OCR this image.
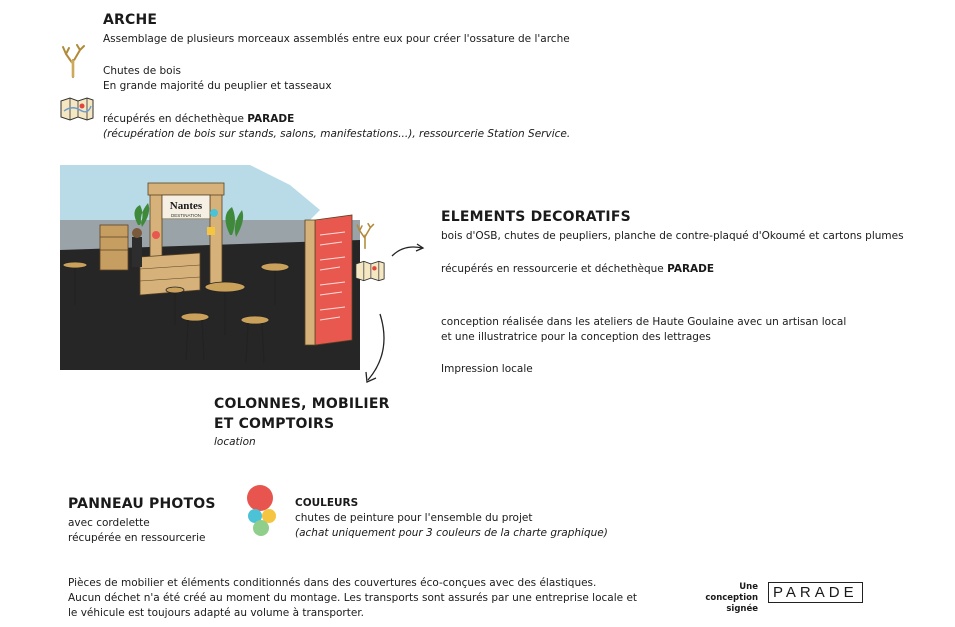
ARCHE
Assemblage de plusieurs morceaux assemblés entre eux pour créer l'ossature de l'arche
Chutes de bois
En grande majorité du peuplier et tasseaux
récupérés en déchethèque PARADE
(récupération de bois sur stands, salons, manifestations...), ressourcerie Station Service.
Nantes
DESTINATION	ELEMENTS DECORATIFS
bois d'OSB, chutes de peupliers, planche de contre-plaqué d'Okoumé et cartons plumes
récupérés en ressourcerie et déchethèque PARADE
conception réalisée dans les ateliers de Haute Goulaine avec un artisan local
et une illustratrice pour la conception des lettrages
Impression locale
COLONNES, MOBILIER
ET COMPTOIRS
location
PANNEAU PHOTOS
avec cordelette
récupérée en ressourcerie
COULEURS
chutes de peinture pour l'ensemble du projet
(achat uniquement pour 3 couleurs de la charte graphique)
Pièces de mobilier et éléments conditionnés dans des couvertures éco-conçues avec des élastiques.
Aucun déchet n'a été créé au moment du montage. Les transports sont assurés par une entreprise locale et
le véhicule est toujours adapté au volume à transporter.
Une conception
signée
PARADE
